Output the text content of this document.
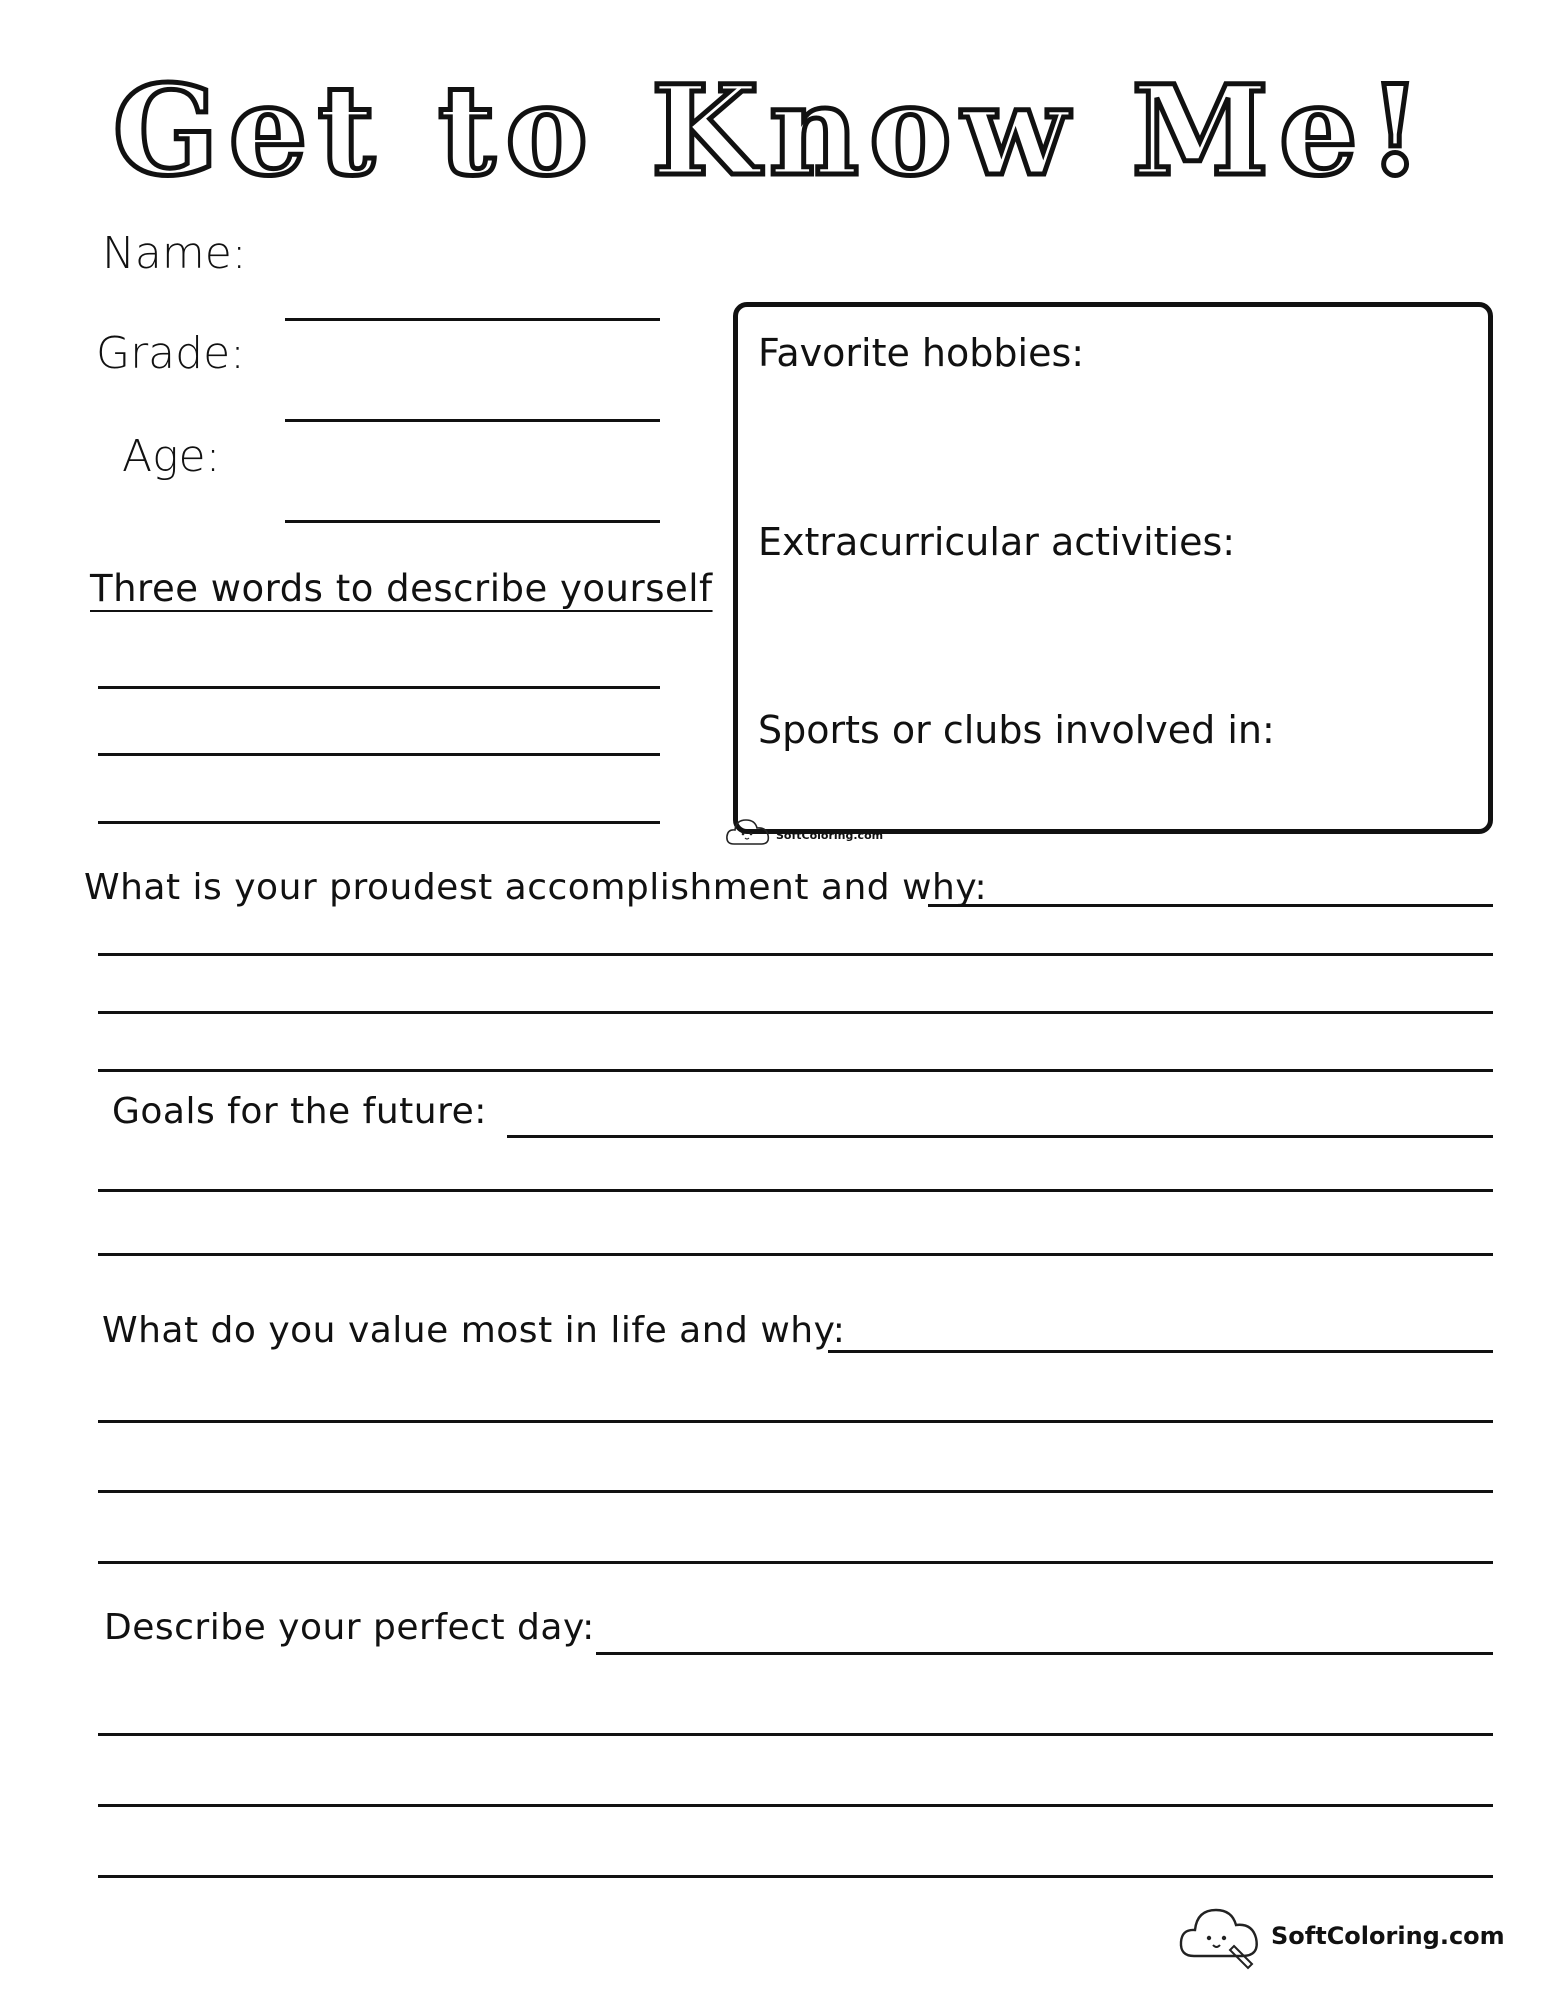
Get to Know Me!
Name:
Grade:
Age:
Three words to describe yourself
Favorite hobbies:
Extracurricular activities:
Sports or clubs involved in:
SoftColoring.com
What is your proudest accomplishment and why:
Goals for the future:
What do you value most in life and why:
Describe your perfect day:
SoftColoring.com
